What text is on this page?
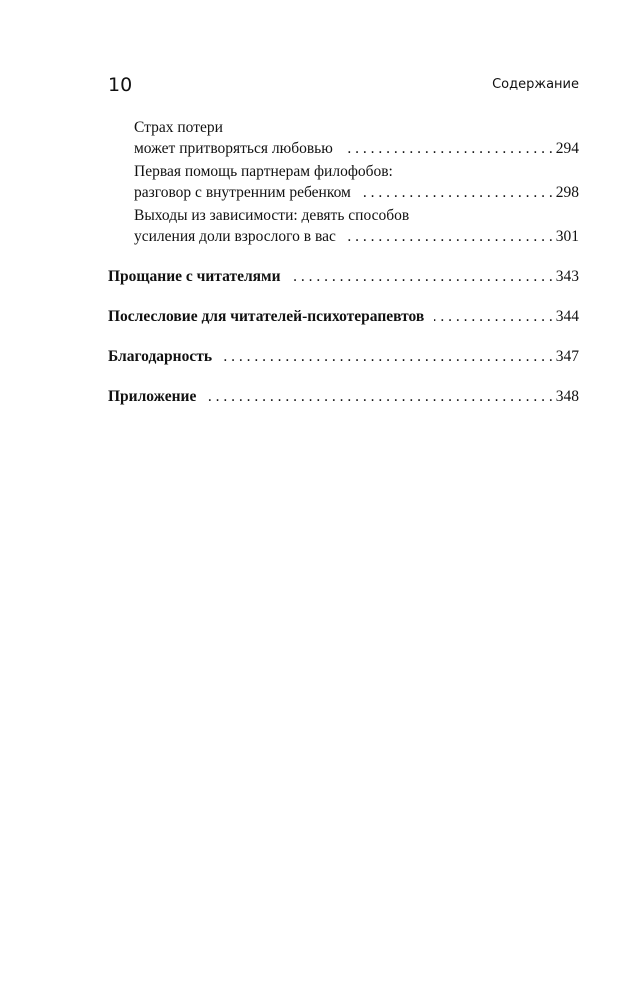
10	Содержание
Страх потери
может притворяться любовью . . .	294
Первая помощь партнерам филофобов:
разговор с внутренним ребенком . . .	298
Выходы из зависимости: девять способов
усиления доли взрослого в вас . . .	301
Прощание с читателями . . .	343
Послесловие для читателей-психотерапевтов . . .	344
Благодарность . . .	347
Приложение . . .	348
